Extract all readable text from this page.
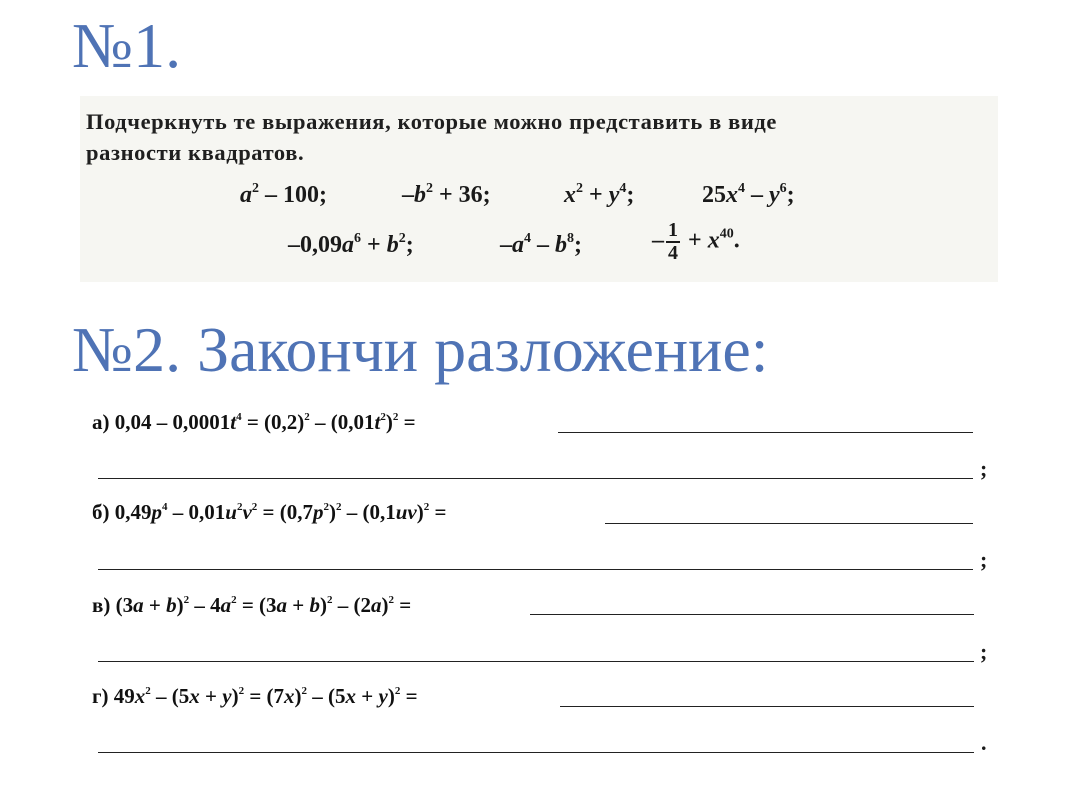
№1.
Подчеркнуть те выражения, которые можно представить в виде
разности квадратов.
$a^2 - 100$;	$-b^2 + 36$;	$x^2 + y^4$;	$25x^4 - y^6$;
$-0,09a^6 + b^2$;	$-a^4 - b^8$;	– $\frac{1}{4} + x^{40}$.
№2. Закончи разложение:
а) $0,04 - 0,0001t^4 = (0,2)^2 - (0,01t^2)^2$ =
;
б) $0,49p^4 - 0,01u^2v^2 = (0,7p^2)^2 - (0,1uv)^2$ =
;
в) $(3a + b)^2 - 4a^2 = (3a + b)^2 - (2a)^2$ =
;
г) $49x^2 - (5x + y)^2 = (7x)^2 - (5x + y)^2$ =
.
